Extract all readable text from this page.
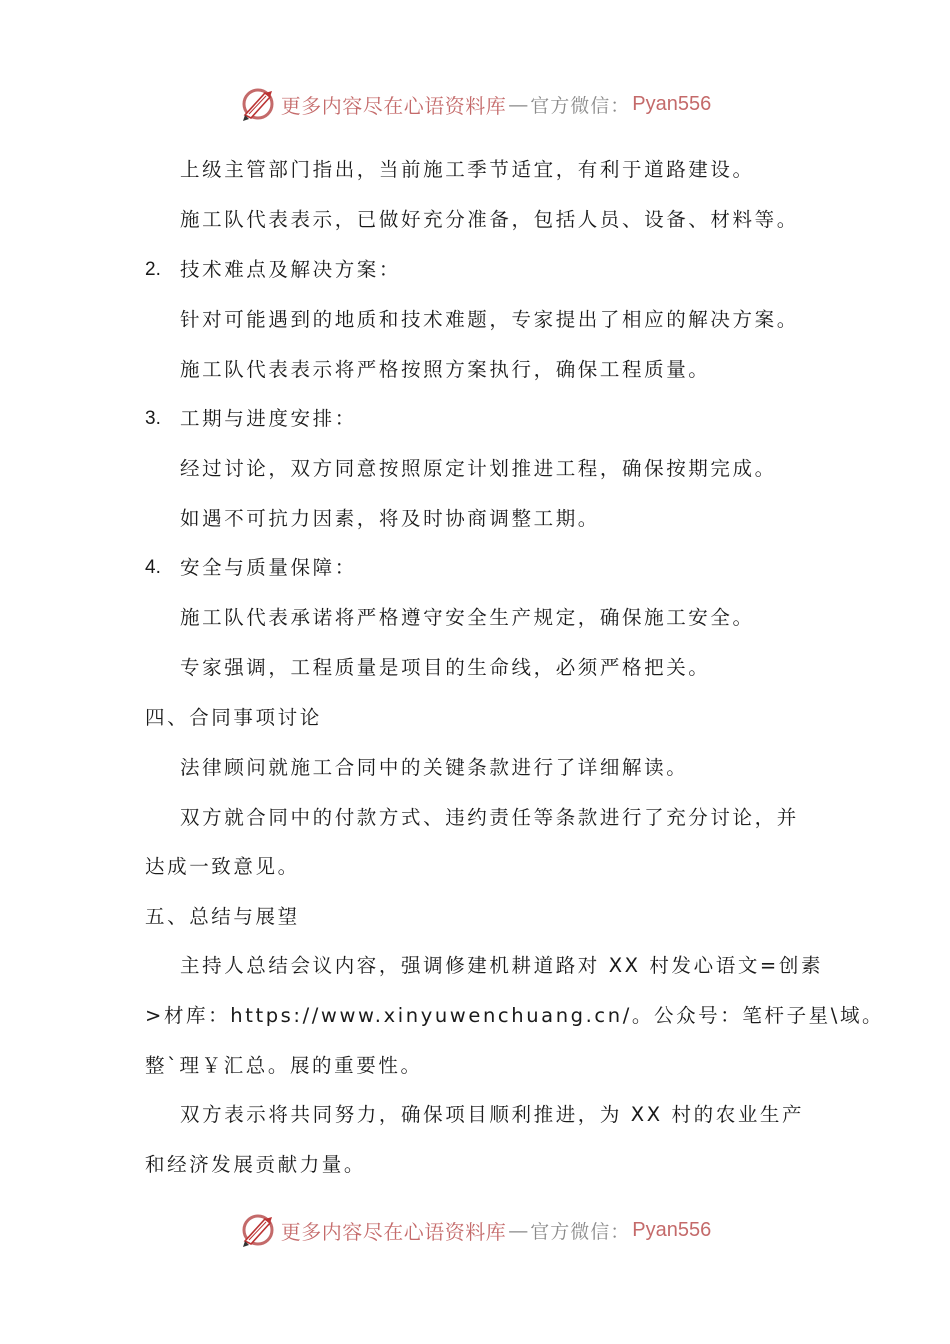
更多内容尽在心语资料库 — 官方微信： Pyan556
上级主管部门指出，当前施工季节适宜，有利于道路建设。
施工队代表表示，已做好充分准备，包括人员、设备、材料等。
2. 技术难点及解决方案：
针对可能遇到的地质和技术难题，专家提出了相应的解决方案。
施工队代表表示将严格按照方案执行，确保工程质量。
3. 工期与进度安排：
经过讨论，双方同意按照原定计划推进工程，确保按期完成。
如遇不可抗力因素，将及时协商调整工期。
4. 安全与质量保障：
施工队代表承诺将严格遵守安全生产规定，确保施工安全。
专家强调，工程质量是项目的生命线，必须严格把关。
四、合同事项讨论
法律顾问就施工合同中的关键条款进行了详细解读。
双方就合同中的付款方式、违约责任等条款进行了充分讨论，并
达成一致意见。
五、总结与展望
主持人总结会议内容，强调修建机耕道路对 XX 村发心语文=创素
>材库：https://www.xinyuwenchuang.cn/。公众号：笔杆子星\域。
整`理￥汇总。展的重要性。
双方表示将共同努力，确保项目顺利推进，为 XX 村的农业生产
和经济发展贡献力量。
更多内容尽在心语资料库 — 官方微信： Pyan556
